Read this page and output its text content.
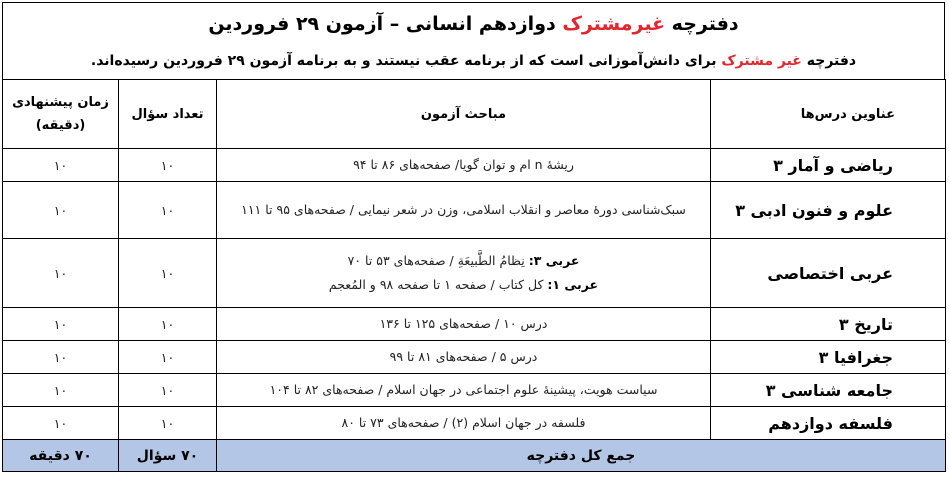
دفترچه غیرمشترک دوازدهم انسانی – آزمون ۲۹ فروردین
دفترچه غیر مشترک برای دانش‌آموزانی است که از برنامه عقب نیستند و به برنامه آزمون ۲۹ فروردین رسیده‌اند.
عناوین درس‌ها	مباحث آزمون	تعداد سؤال	زمان پیشنهادی
(دقیقه)
ریاضی و آمار ۳	ریشهٔ n ام و توان گویا/ صفحه‌های ۸۶ تا ۹۴	۱۰	۱۰
علوم و فنون ادبی ۳	سبک‌شناسی دورهٔ معاصر و انقلاب اسلامی، وزن در شعر نیمایی / صفحه‌های ۹۵ تا ۱۱۱	۱۰	۱۰
عربی اختصاصی	عربی ۳: نِظامُ الطَّبیعَةِ / صفحه‌های ۵۳ تا ۷۰
عربی ۱: کل کتاب / صفحه ۱ تا صفحه ۹۸ و المُعجم	۱۰	۱۰
تاریخ ۳	درس ۱۰ / صفحه‌های ۱۲۵ تا ۱۳۶	۱۰	۱۰
جغرافیا ۳	درس ۵ / صفحه‌های ۸۱ تا ۹۹	۱۰	۱۰
جامعه شناسی ۳	سیاست هویت، پیشینهٔ علوم اجتماعی در جهان اسلام / صفحه‌های ۸۲ تا ۱۰۴	۱۰	۱۰
فلسفه دوازدهم	فلسفه در جهان اسلام (۲) / صفحه‌های ۷۳ تا ۸۰	۱۰	۱۰
جمع کل دفترچه		۷۰ سؤال	۷۰ دقیقه
